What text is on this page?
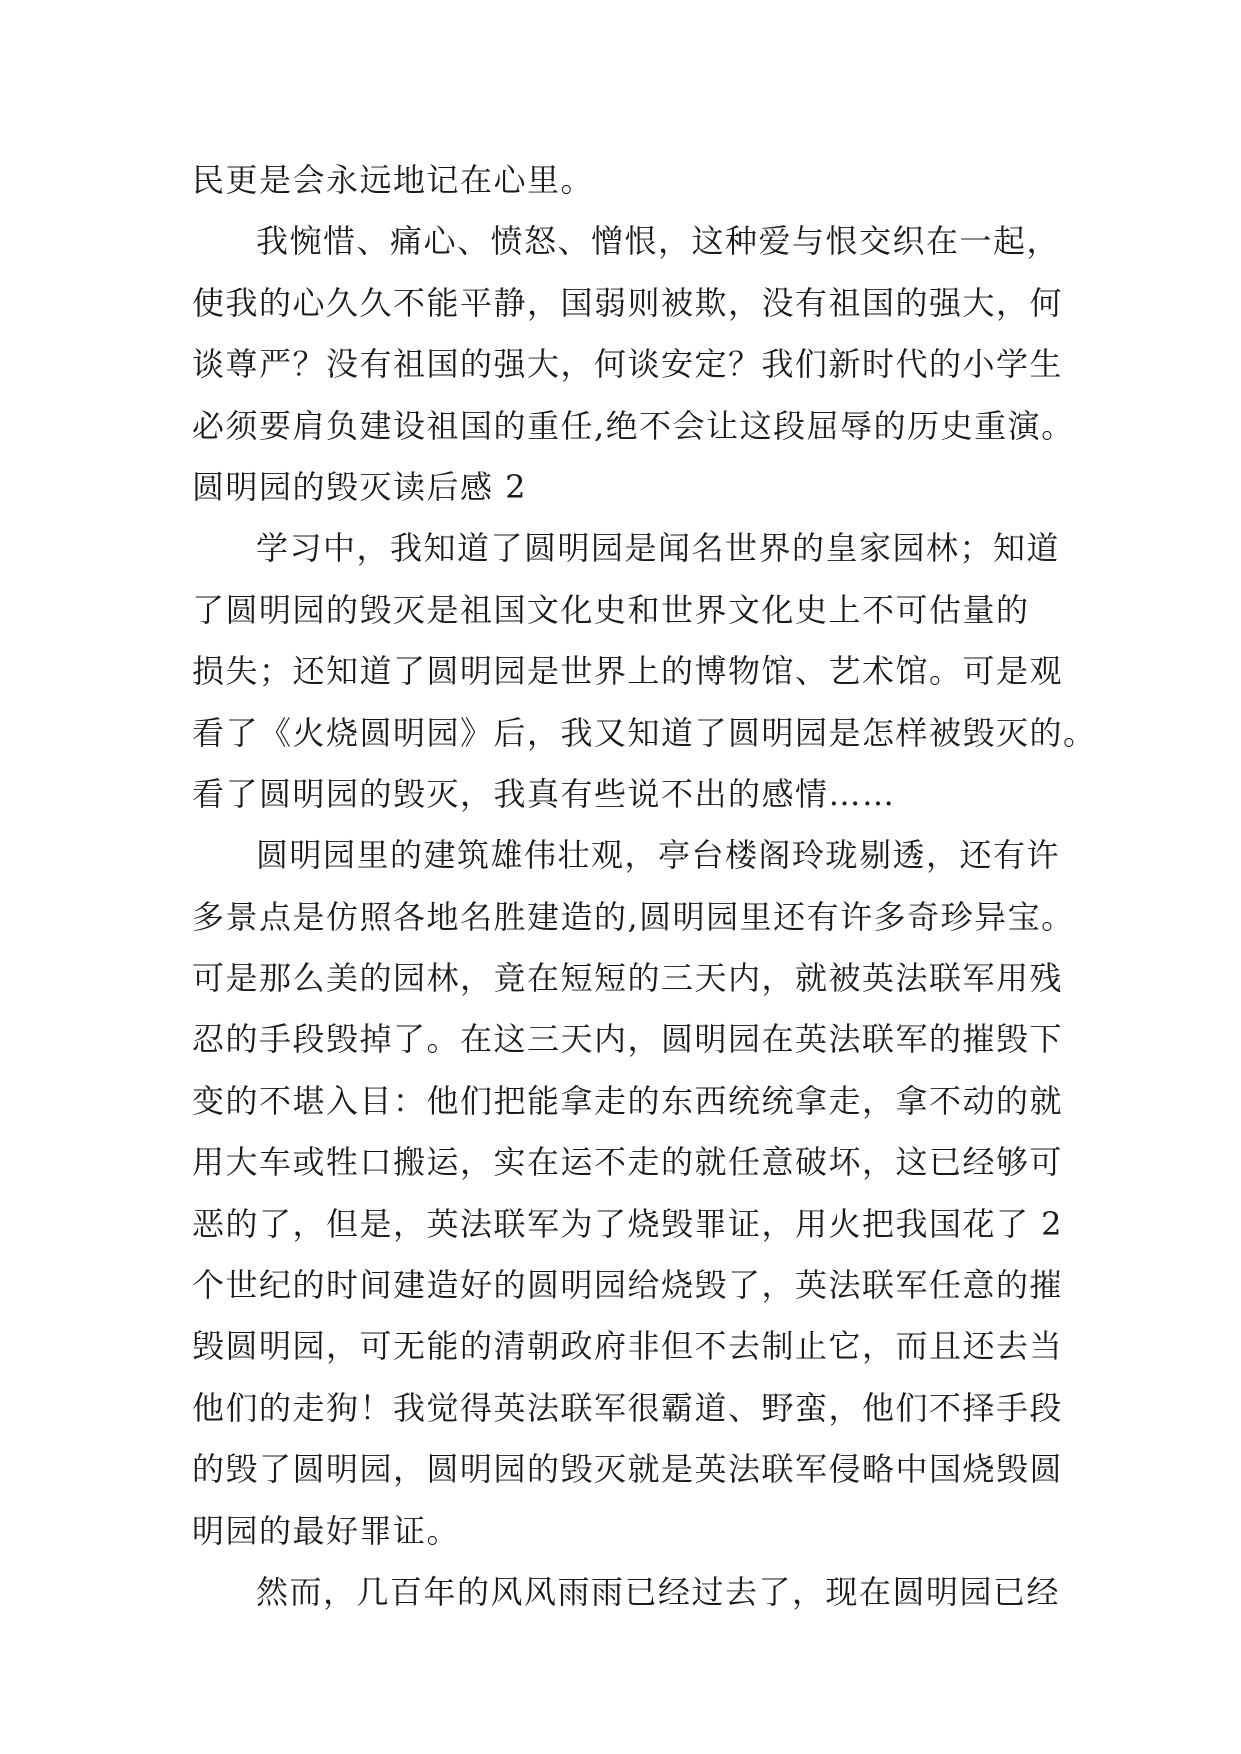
民更是会永远地记在心里。
我惋惜、痛心、愤怒、憎恨，这种爱与恨交织在一起，
使我的心久久不能平静，国弱则被欺，没有祖国的强大，何
谈尊严？没有祖国的强大，何谈安定？我们新时代的小学生
必须要肩负建设祖国的重任,绝不会让这段屈辱的历史重演。
圆明园的毁灭读后感 2
学习中，我知道了圆明园是闻名世界的皇家园林；知道
了圆明园的毁灭是祖国文化史和世界文化史上不可估量的
损失；还知道了圆明园是世界上的博物馆、艺术馆。可是观
看了《火烧圆明园》后，我又知道了圆明园是怎样被毁灭的。
看了圆明园的毁灭，我真有些说不出的感情……
圆明园里的建筑雄伟壮观，亭台楼阁玲珑剔透，还有许
多景点是仿照各地名胜建造的,圆明园里还有许多奇珍异宝。
可是那么美的园林，竟在短短的三天内，就被英法联军用残
忍的手段毁掉了。在这三天内，圆明园在英法联军的摧毁下
变的不堪入目：他们把能拿走的东西统统拿走，拿不动的就
用大车或牲口搬运，实在运不走的就任意破坏，这已经够可
恶的了，但是，英法联军为了烧毁罪证，用火把我国花了 2
个世纪的时间建造好的圆明园给烧毁了，英法联军任意的摧
毁圆明园，可无能的清朝政府非但不去制止它，而且还去当
他们的走狗！我觉得英法联军很霸道、野蛮，他们不择手段
的毁了圆明园，圆明园的毁灭就是英法联军侵略中国烧毁圆
明园的最好罪证。
然而，几百年的风风雨雨已经过去了，现在圆明园已经
